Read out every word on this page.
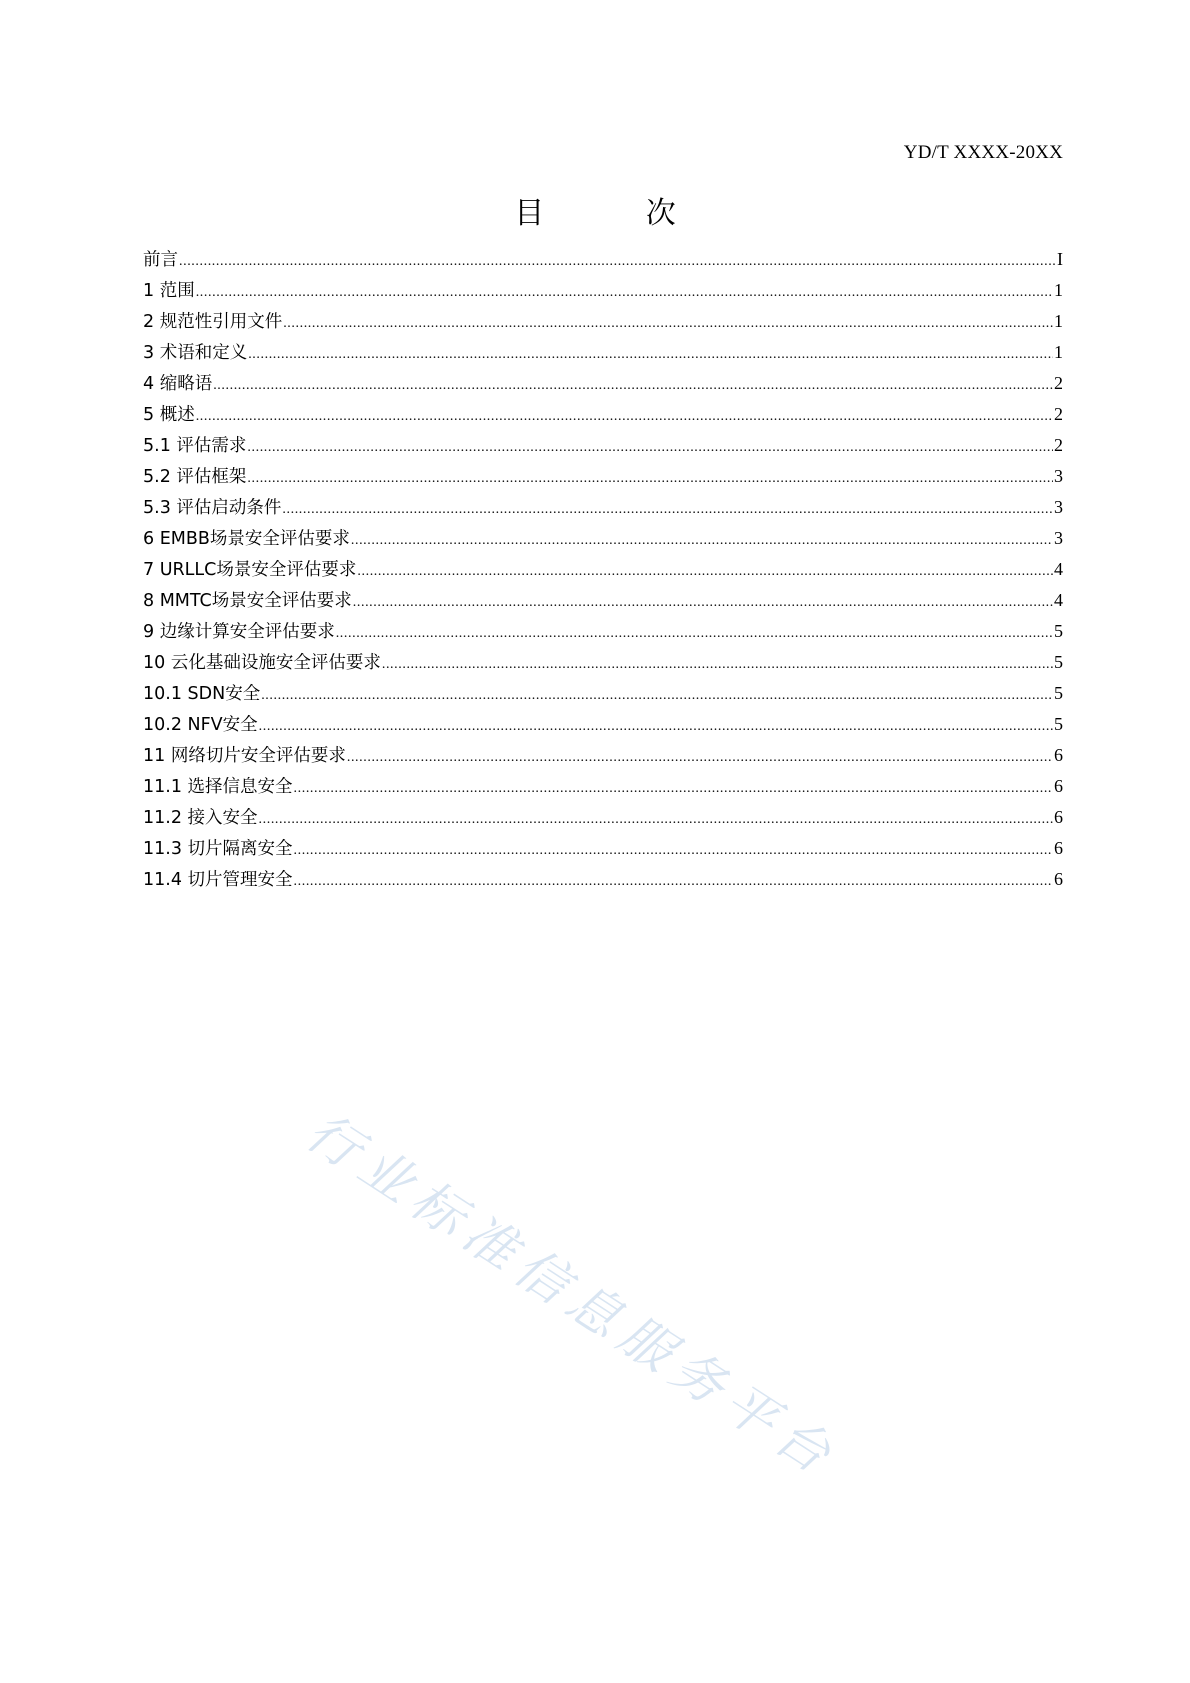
YD/T XXXX-20XX
目 次
前言 .....	I
1 范围 .....	1
2 规范性引用文件 .....	1
3 术语和定义 .....	1
4 缩略语 .....	2
5 概述 .....	2
5.1 评估需求 .....	2
5.2 评估框架 .....	3
5.3 评估启动条件 .....	3
6 EMBB场景安全评估要求 .....	3
7 URLLC场景安全评估要求 .....	4
8 MMTC场景安全评估要求 .....	4
9 边缘计算安全评估要求 .....	5
10 云化基础设施安全评估要求 .....	5
10.1 SDN安全 .....	5
10.2 NFV安全 .....	5
11 网络切片安全评估要求 .....	6
11.1 选择信息安全 .....	6
11.2 接入安全 .....	6
11.3 切片隔离安全 .....	6
11.4 切片管理安全 .....	6
行业标准信息服务平台
